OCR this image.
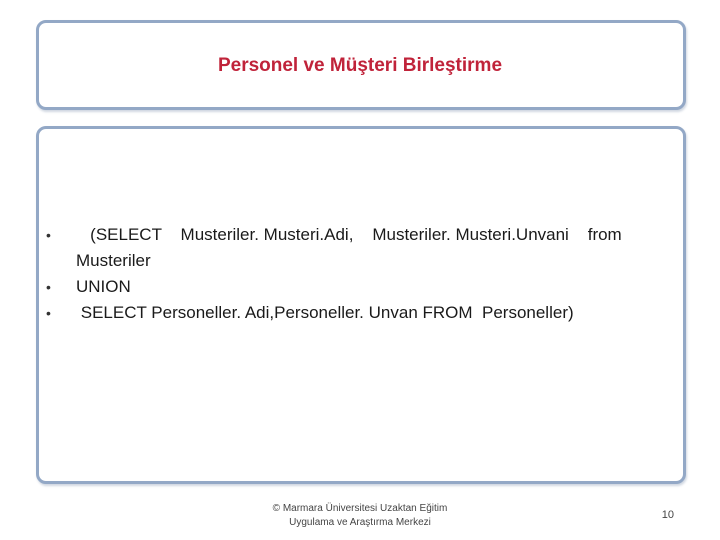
Personel ve Müşteri Birleştirme
•	(SELECT    Musteriler. Musteri.Adi,    Musteriler. Musteri.Unvani    from Musteriler
•	UNION
•	SELECT Personeller. Adi,Personeller. Unvan FROM  Personeller)
© Marmara Üniversitesi Uzaktan Eğitim
Uygulama ve Araştırma Merkezi
10
